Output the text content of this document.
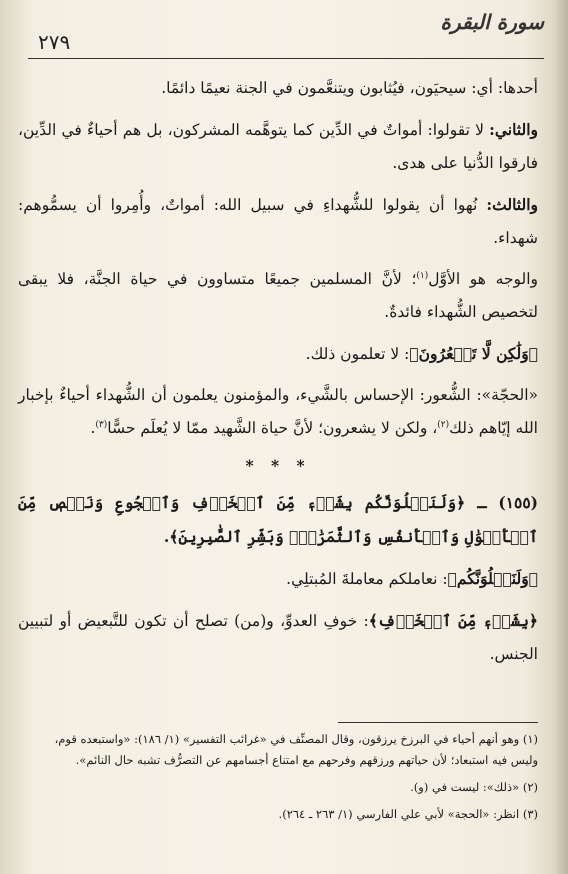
٢٧٩
سورة البقرة

أحدها: أي: سيحيَون، فيُثابون ويتنعَّمون في الجنة نعيمًا دائمًا.

والثاني: لا تقولوا: أمواتٌ في الدِّين كما يتوهَّمه المشركون، بل هم أحياءٌ في الدِّين، فارقوا الدُّنيا على هدى.

والثالث: نُهوا أن يقولوا للشُّهداءِ في سبيل الله: أمواتٌ، وأُمِروا أن يسمُّوهم: شهداء.

والوجه هو الأوَّل$^{(١)}$؛ لأنَّ المسلمين جميعًا متساوون في حياة الجنَّة، فلا يبقى لتخصيص الشُّهداء فائدةٌ.

﴿وَلَٰكِن لَّا تَشۡعُرُونَ﴾: لا تعلمون ذلك.

«الحجّة»: الشُّعور: الإحساس بالشَّيء، والمؤمنون يعلمون أن الشُّهداء أحياءٌ بإخبار الله إيّاهم ذلك$^{(٢)}$، ولكن لا يشعرون؛ لأنَّ حياة الشَّهيد ممّا لا يُعلَم حسًّا$^{(٣)}$.

* * *

(١٥٥) ـ ﴿وَلَنَبۡلُوَنَّكُم بِشَيۡءٖ مِّنَ ٱلۡخَوۡفِ وَٱلۡجُوعِ وَنَقۡصٖ مِّنَ ٱلۡأَمۡوَٰلِ وَٱلۡأَنفُسِ وَٱلثَّمَرَٰتِۗ وَبَشِّرِ ٱلصَّٰبِرِينَ﴾.

﴿وَلَنَبۡلُوَنَّكُم﴾: نعاملكم معاملةَ المُبتلِي.

﴿بِشَيۡءٖ مِّنَ ٱلۡخَوۡفِ﴾: خوفِ العدوِّ، و(من) تصلح أن تكون للتَّبعيض أو لتبيين الجنس.

(١) وهو أنهم أحياء في البرزخ يرزقون، وقال المصنِّف في «غرائب التفسير» (١/ ١٨٦): «واستبعده قوم،

وليس فيه استبعاد؛ لأن حياتهم ورزقهم وفرحهم مع امتناع أجسامهم عن التصرُّف تشبه حال النائم».

(٢) «ذلك»: ليست في (و).

(٣) انظر: «الحجة» لأبي علي الفارسي (١/ ٢٦٣ ـ ٢٦٤).
